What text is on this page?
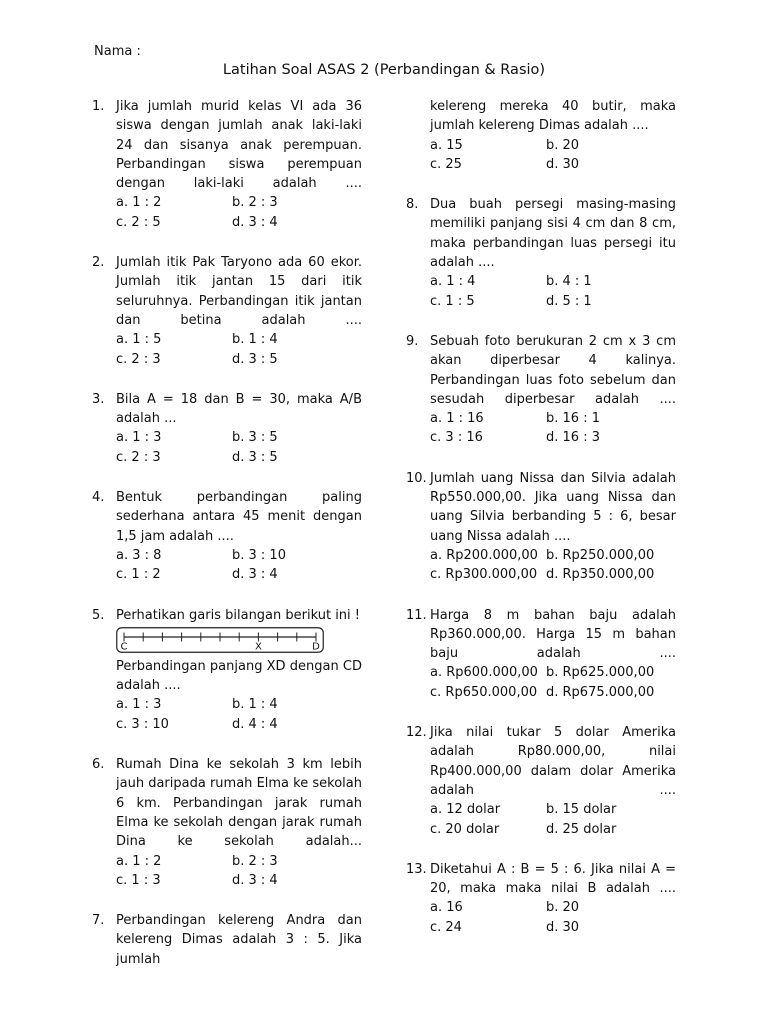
Nama :
Latihan Soal ASAS 2 (Perbandingan & Rasio)
1. Jika jumlah murid kelas VI ada 36 siswa dengan jumlah anak laki-laki 24 dan sisanya anak perempuan. Perbandingan siswa perempuan dengan laki-laki adalah ....
a. 1 : 2	b. 2 : 3
c. 2 : 5	d. 3 : 4
2. Jumlah itik Pak Taryono ada 60 ekor. Jumlah itik jantan 15 dari itik seluruhnya. Perbandingan itik jantan dan betina adalah ....
a. 1 : 5	b. 1 : 4
c. 2 : 3	d. 3 : 5
3. Bila A = 18 dan B = 30, maka A/B adalah ...
a. 1 : 3	b. 3 : 5
c. 2 : 3	d. 3 : 5
4. Bentuk perbandingan paling sederhana antara 45 menit dengan 1,5 jam adalah ....
a. 3 : 8	b. 3 : 10
c. 1 : 2	d. 3 : 4
5. Perhatikan garis bilangan berikut ini !
C	X	D
Perbandingan panjang XD dengan CD adalah ....
a. 1 : 3	b. 1 : 4
c. 3 : 10	d. 4 : 4
6. Rumah Dina ke sekolah 3 km lebih jauh daripada rumah Elma ke sekolah 6 km. Perbandingan jarak rumah Elma ke sekolah dengan jarak rumah Dina ke sekolah adalah...
a. 1 : 2	b. 2 : 3
c. 1 : 3	d. 3 : 4
7. Perbandingan kelereng Andra dan kelereng Dimas adalah 3 : 5. Jika jumlah
kelereng mereka 40 butir, maka jumlah kelereng Dimas adalah ....
a. 15	b. 20
c. 25	d. 30
8. Dua buah persegi masing-masing memiliki panjang sisi 4 cm dan 8 cm, maka perbandingan luas persegi itu adalah ....
a. 1 : 4	b. 4 : 1
c. 1 : 5	d. 5 : 1
9. Sebuah foto berukuran 2 cm x 3 cm akan diperbesar 4 kalinya. Perbandingan luas foto sebelum dan sesudah diperbesar adalah ....
a. 1 : 16	b. 16 : 1
c. 3 : 16	d. 16 : 3
10. Jumlah uang Nissa dan Silvia adalah Rp550.000,00. Jika uang Nissa dan uang Silvia berbanding 5 : 6, besar uang Nissa adalah ....
a. Rp200.000,00 b. Rp250.000,00
c. Rp300.000,00 d. Rp350.000,00
11. Harga 8 m bahan baju adalah Rp360.000,00. Harga 15 m bahan baju adalah ....
a. Rp600.000,00 b. Rp625.000,00
c. Rp650.000,00 d. Rp675.000,00
12. Jika nilai tukar 5 dolar Amerika adalah Rp80.000,00, nilai Rp400.000,00 dalam dolar Amerika adalah ....
a. 12 dolar	b. 15 dolar
c. 20 dolar	d. 25 dolar
13. Diketahui A : B = 5 : 6. Jika nilai A = 20, maka maka nilai B adalah ....
a. 16	b. 20
c. 24	d. 30
